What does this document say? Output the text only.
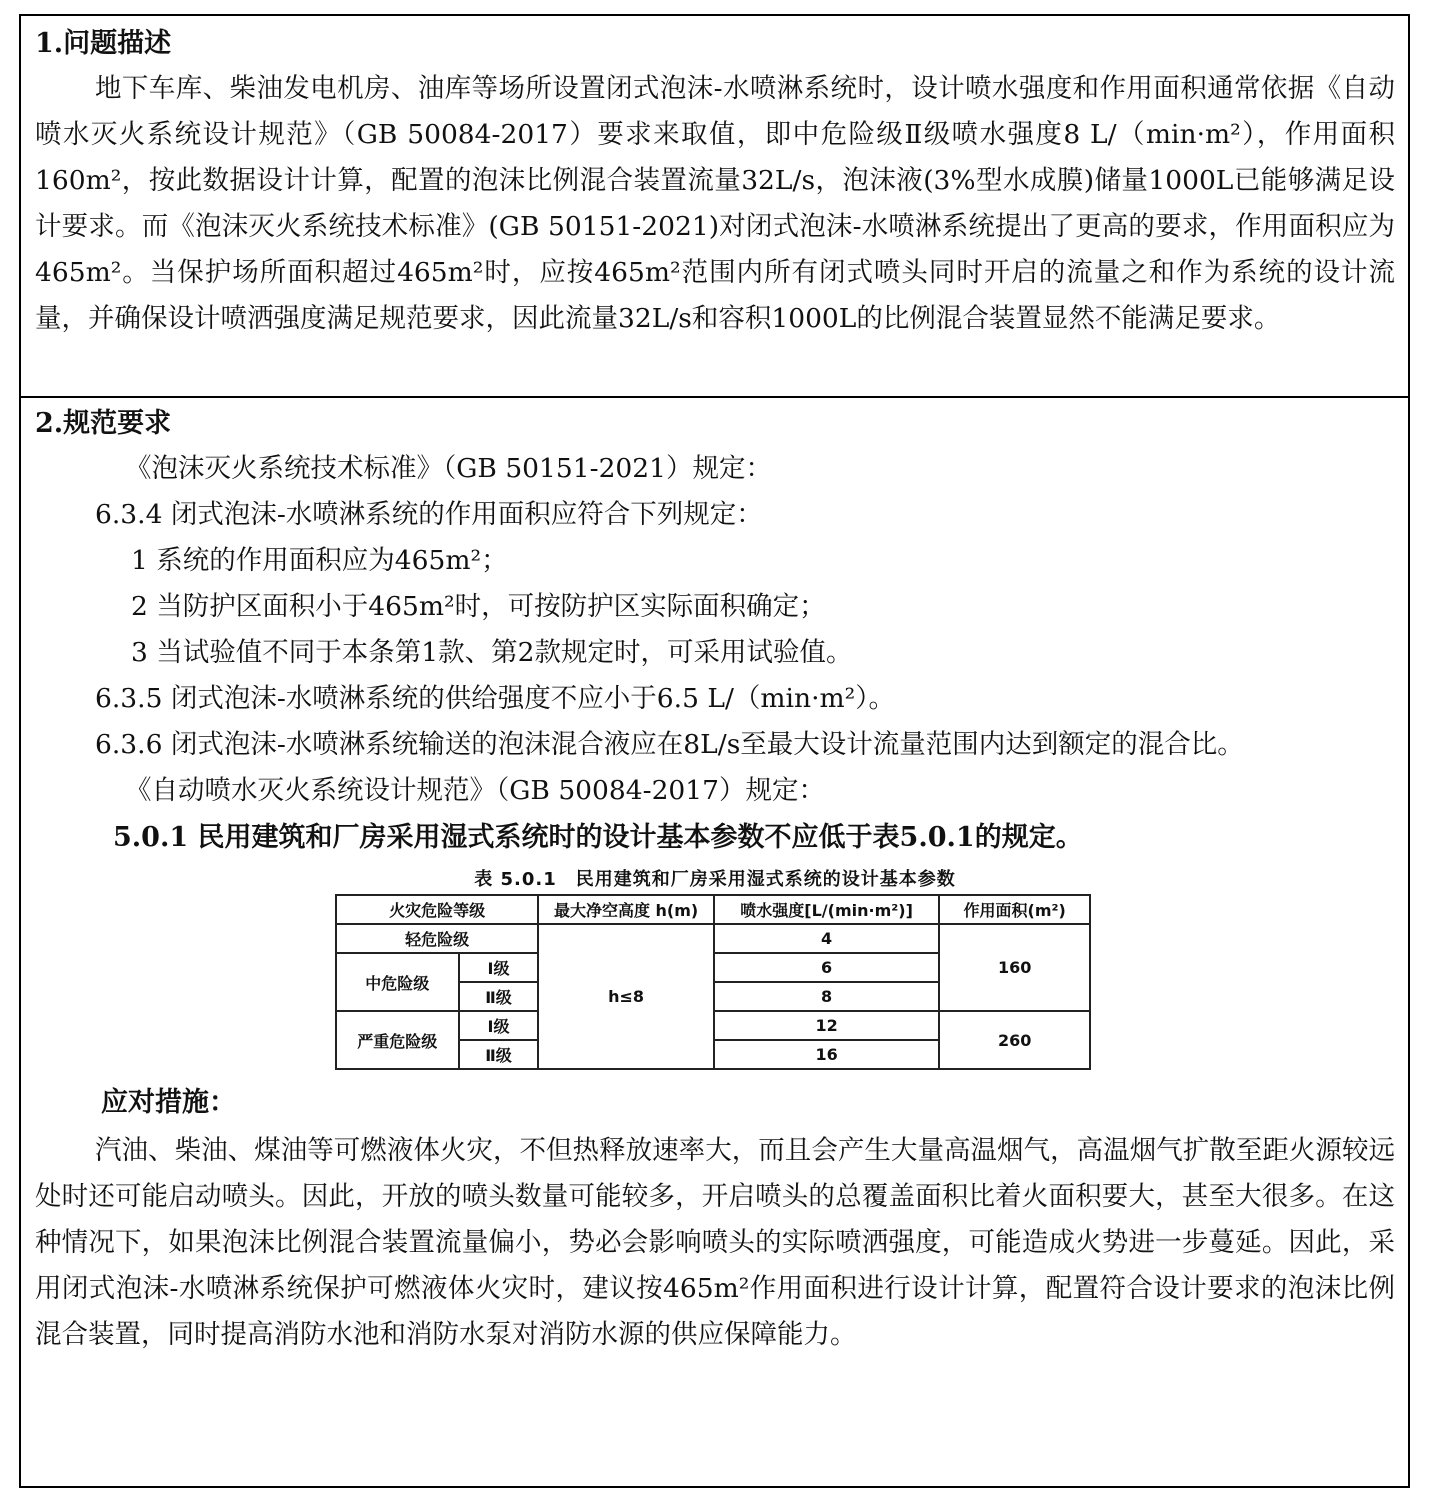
1.问题描述

地下车库、柴油发电机房、油库等场所设置闭式泡沫-水喷淋系统时，设计喷水强度和作用面积通常依据《自动喷水灭火系统设计规范》（GB 50084-2017）要求来取值，即中危险级Ⅱ级喷水强度8 L/（min·m²），作用面积160m²，按此数据设计计算，配置的泡沫比例混合装置流量32L/s，泡沫液(3%型水成膜)储量1000L已能够满足设计要求。而《泡沫灭火系统技术标准》(GB 50151-2021)对闭式泡沫-水喷淋系统提出了更高的要求，作用面积应为465m²。当保护场所面积超过465m²时，应按465m²范围内所有闭式喷头同时开启的流量之和作为系统的设计流量，并确保设计喷洒强度满足规范要求，因此流量32L/s和容积1000L的比例混合装置显然不能满足要求。

2.规范要求

《泡沫灭火系统技术标准》（GB 50151-2021）规定：

6.3.4 闭式泡沫-水喷淋系统的作用面积应符合下列规定：

1 系统的作用面积应为465m²；

2 当防护区面积小于465m²时，可按防护区实际面积确定；

3 当试验值不同于本条第1款、第2款规定时，可采用试验值。

6.3.5 闭式泡沫-水喷淋系统的供给强度不应小于6.5 L/（min·m²）。

6.3.6 闭式泡沫-水喷淋系统输送的泡沫混合液应在8L/s至最大设计流量范围内达到额定的混合比。

《自动喷水灭火系统设计规范》（GB 50084-2017）规定：

5.0.1 民用建筑和厂房采用湿式系统时的设计基本参数不应低于表5.0.1的规定。

表 5.0.1　民用建筑和厂房采用湿式系统的设计基本参数
火灾危险等级		最大净空高度 h(m)	喷水强度[L/(min·m²)]	作用面积(m²)
轻危险级		h≤8	4	160
中危险级	Ⅰ级		6	
	Ⅱ级		8	
严重危险级	Ⅰ级		12	260
	Ⅱ级		16	

应对措施：

汽油、柴油、煤油等可燃液体火灾，不但热释放速率大，而且会产生大量高温烟气，高温烟气扩散至距火源较远处时还可能启动喷头。因此，开放的喷头数量可能较多，开启喷头的总覆盖面积比着火面积要大，甚至大很多。在这种情况下，如果泡沫比例混合装置流量偏小，势必会影响喷头的实际喷洒强度，可能造成火势进一步蔓延。因此，采用闭式泡沫-水喷淋系统保护可燃液体火灾时，建议按465m²作用面积进行设计计算，配置符合设计要求的泡沫比例混合装置，同时提高消防水池和消防水泵对消防水源的供应保障能力。
